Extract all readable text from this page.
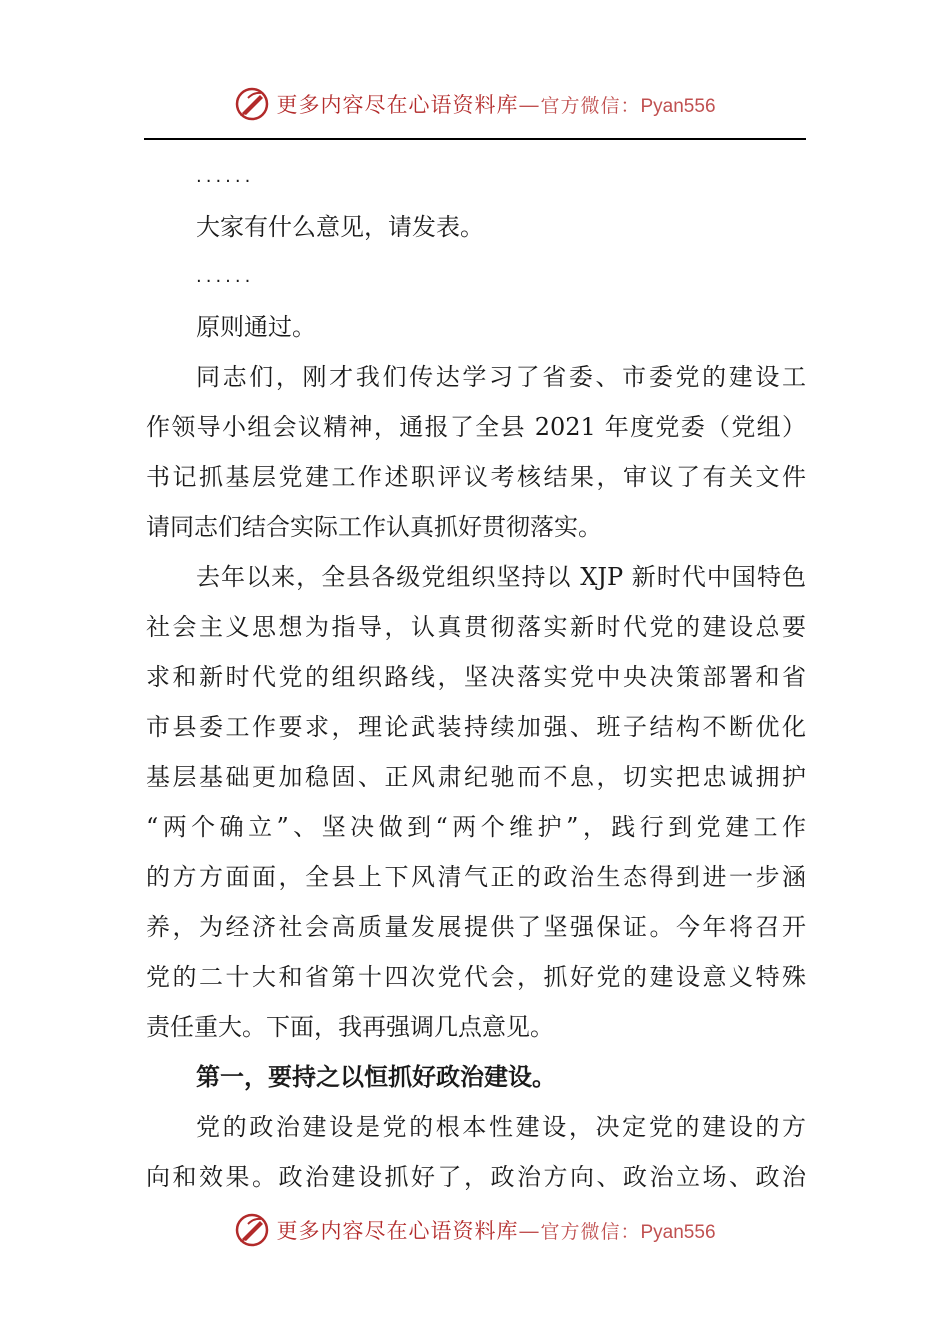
更多内容尽在心语资料库—官方微信：Pyan556

......

大家有什么意见，请发表。

......

原则通过。

同志们，刚才我们传达学习了省委、市委党的建设工

作领导小组会议精神，通报了全县 2021 年度党委（党组）

书记抓基层党建工作述职评议考核结果，审议了有关文件

请同志们结合实际工作认真抓好贯彻落实。

去年以来，全县各级党组织坚持以 XJP 新时代中国特色

社会主义思想为指导，认真贯彻落实新时代党的建设总要

求和新时代党的组织路线，坚决落实党中央决策部署和省

市县委工作要求，理论武装持续加强、班子结构不断优化

基层基础更加稳固、正风肃纪驰而不息，切实把忠诚拥护

“两个确立”、坚决做到“两个维护”，践行到党建工作

的方方面面，全县上下风清气正的政治生态得到进一步涵

养，为经济社会高质量发展提供了坚强保证。今年将召开

党的二十大和省第十四次党代会，抓好党的建设意义特殊

责任重大。下面，我再强调几点意见。

第一，要持之以恒抓好政治建设。

党的政治建设是党的根本性建设，决定党的建设的方

向和效果。政治建设抓好了，政治方向、政治立场、政治

更多内容尽在心语资料库—官方微信：Pyan556
